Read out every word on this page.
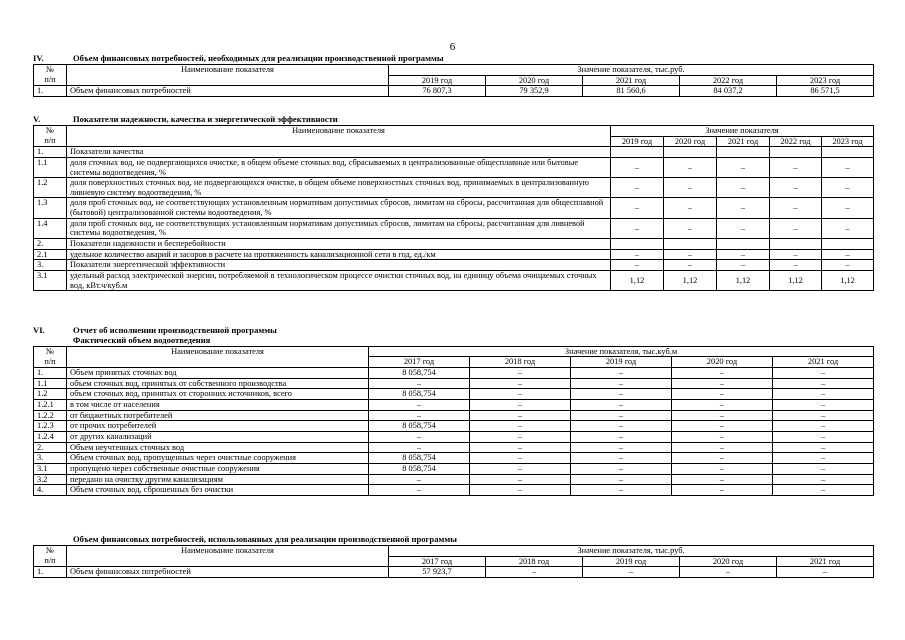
6
IV.	Объем финансовых потребностей, необходимых для реализации производственной программы
№	Наименование показателя	Значение показателя, тыс.руб.				
п/п		2019 год	2020 год	2021 год	2022 год	2023 год
1.	Объем финансовых потребностей	76 807,3	79 352,9	81 560,6	84 037,2	86 571,5
V.	Показатели надежности, качества и энергетической эффективности
№	Наименование показателя	Значение показателя				
п/п		2019 год	2020 год	2021 год	2022 год	2023 год
1.	Показатели качества					
1.1	доля сточных вод, не подвергающихся очистке, в общем объеме сточных вод, сбрасываемых в централизованные общесплавные или бытовые системы водоотведения, %	–	–	–	–	–
1.2	доля поверхностных сточных вод, не подвергающихся очистке, в общем объеме поверхностных сточных вод, принимаемых в централизованную ливневую систему водоотведения, %	–	–	–	–	–
1.3	доля проб сточных вод, не соответствующих установленным нормативам допустимых сбросов, лимитам на сбросы, рассчитанная для общесплавной (бытовой) централизованной системы водоотведения, %	–	–	–	–	–
1.4	доля проб сточных вод, не соответствующих установленным нормативам допустимых сбросов, лимитам на сбросы, рассчитанная для ливневой системы водоотведения, %	–	–	–	–	–
2.	Показатели надежности и бесперебойности					
2.1	удельное количество аварий и засоров в расчете на протяженность канализационной сети в год, ед./км	–	–	–	–	–
3.	Показатели энергетической эффективности	–	–	–	–	–
3.1	удельный расход электрической энергии, потребляемой в технологическом процессе очистки сточных вод, на единицу объема очищаемых сточных вод, кВт.ч/куб.м	1,12	1,12	1,12	1,12	1,12
VI.	Отчет об исполнении производственной программы
Фактический объем водоотведения
№	Наименование показателя	Значение показателя, тыс.куб.м				
п/п		2017 год	2018 год	2019 год	2020 год	2021 год
1.	Объем принятых сточных вод	8 058,754	–	–	–	–
1.1	объем сточных вод, принятых от собственного производства	–	–	–	–	–
1.2	объем сточных вод, принятых от сторонних источников, всего	8 058,754	–	–	–	–
1.2.1	в том числе от населения	–	–	–	–	–
1.2.2	от бюджетных потребителей	–	–	–	–	–
1.2.3	от прочих потребителей	8 058,754	–	–	–	–
1.2.4	от других канализаций	–	–	–	–	–
2.	Объем неучтенных сточных вод	–	–	–	–	–
3.	Объем сточных вод, пропущенных через очистные сооружения	8 058,754	–	–	–	–
3.1	пропущено через собственные очистные сооружения	8 058,754	–	–	–	–
3.2	передано на очистку другим канализациям	–	–	–	–	–
4.	Объем сточных вод, сброшенных без очистки	–	–	–	–	–
Объем финансовых потребностей, использованных для реализации производственной программы
№	Наименование показателя	Значение показателя, тыс.руб.				
п/п		2017 год	2018 год	2019 год	2020 год	2021 год
1.	Объем финансовых потребностей	57 923,7	–	–	–	–
